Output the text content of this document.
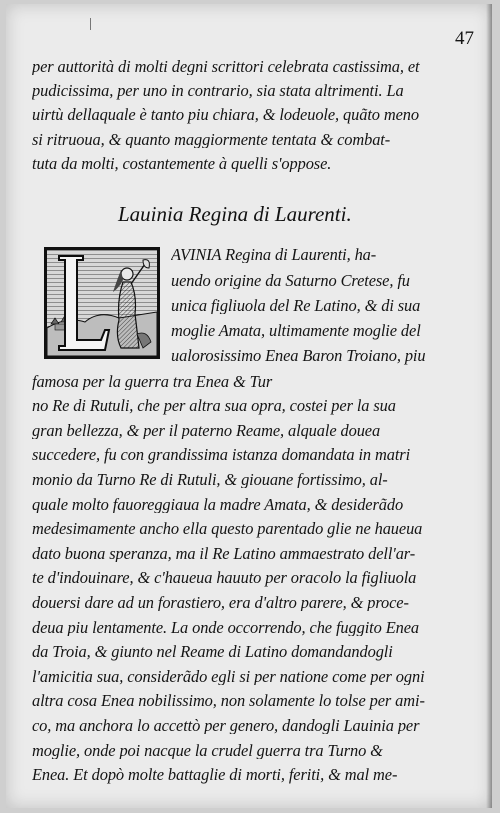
47
per auttorità di molti degni scrittori celebrata castissima, et
pudicissima, per uno in contrario, sia stata altrimenti. La
uirtù dellaquale è tanto piu chiara, & lodeuole, quãto meno
si ritruoua, & quanto maggiormente tentata & combat-
tuta da molti, costantemente à quelli s'oppose.
Lauinia Regina di Laurenti.
AVINIA Regina di Laurenti, ha-
uendo origine da Saturno Cretese, fu
unica figliuola del Re Latino, & di sua
moglie Amata, ultimamente moglie del
ualorosissimo Enea Baron Troiano, piu
famosa per la guerra tra Enea & Tur
no Re di Rutuli, che per altra sua opra, costei per la sua
gran bellezza, & per il paterno Reame, alquale douea
succedere, fu con grandissima istanza domandata in matri
monio da Turno Re di Rutuli, & giouane fortissimo, al-
quale molto fauoreggiaua la madre Amata, & desiderãdo
medesimamente ancho ella questo parentado glie ne haueua
dato buona speranza, ma il Re Latino ammaestrato dell'ar-
te d'indouinare, & c'haueua hauuto per oracolo la figliuola
douersi dare ad un forastiero, era d'altro parere, & proce-
deua piu lentamente. La onde occorrendo, che fuggito Enea
da Troia, & giunto nel Reame di Latino domandandogli
l'amicitia sua, considerãdo egli si per natione come per ogni
altra cosa Enea nobilissimo, non solamente lo tolse per ami-
co, ma anchora lo accettò per genero, dandogli Lauinia per
moglie, onde poi nacque la crudel guerra tra Turno &
Enea. Et dopò molte battaglie di morti, feriti, & mal me-
